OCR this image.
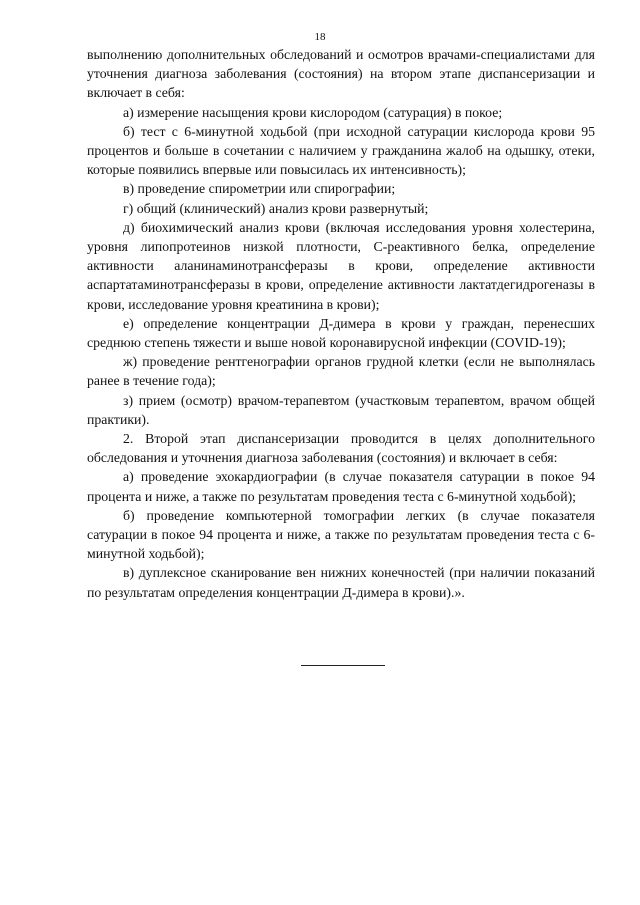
18

выполнению дополнительных обследований и осмотров врачами-специалистами для уточнения диагноза заболевания (состояния) на втором этапе диспансеризации и включает в себя:

а) измерение насыщения крови кислородом (сатурация) в покое;

б) тест с 6-минутной ходьбой (при исходной сатурации кислорода крови 95 процентов и больше в сочетании с наличием у гражданина жалоб на одышку, отеки, которые появились впервые или повысилась их интенсивность);

в) проведение спирометрии или спирографии;

г) общий (клинический) анализ крови развернутый;

д) биохимический анализ крови (включая исследования уровня холестерина, уровня липопротеинов низкой плотности, С-реактивного белка, определение активности аланинаминотрансферазы в крови, определение активности аспартатаминотрансферазы в крови, определение активности лактатдегидрогеназы в крови, исследование уровня креатинина в крови);

е) определение концентрации Д-димера в крови у граждан, перенесших среднюю степень тяжести и выше новой коронавирусной инфекции (COVID-19);

ж) проведение рентгенографии органов грудной клетки (если не выполнялась ранее в течение года);

з) прием (осмотр) врачом-терапевтом (участковым терапевтом, врачом общей практики).

2. Второй этап диспансеризации проводится в целях дополнительного обследования и уточнения диагноза заболевания (состояния) и включает в себя:

а) проведение эхокардиографии (в случае показателя сатурации в покое 94 процента и ниже, а также по результатам проведения теста с 6-минутной ходьбой);

б) проведение компьютерной томографии легких (в случае показателя сатурации в покое 94 процента и ниже, а также по результатам проведения теста с 6-минутной ходьбой);

в) дуплексное сканирование вен нижних конечностей (при наличии показаний по результатам определения концентрации Д-димера в крови).».
